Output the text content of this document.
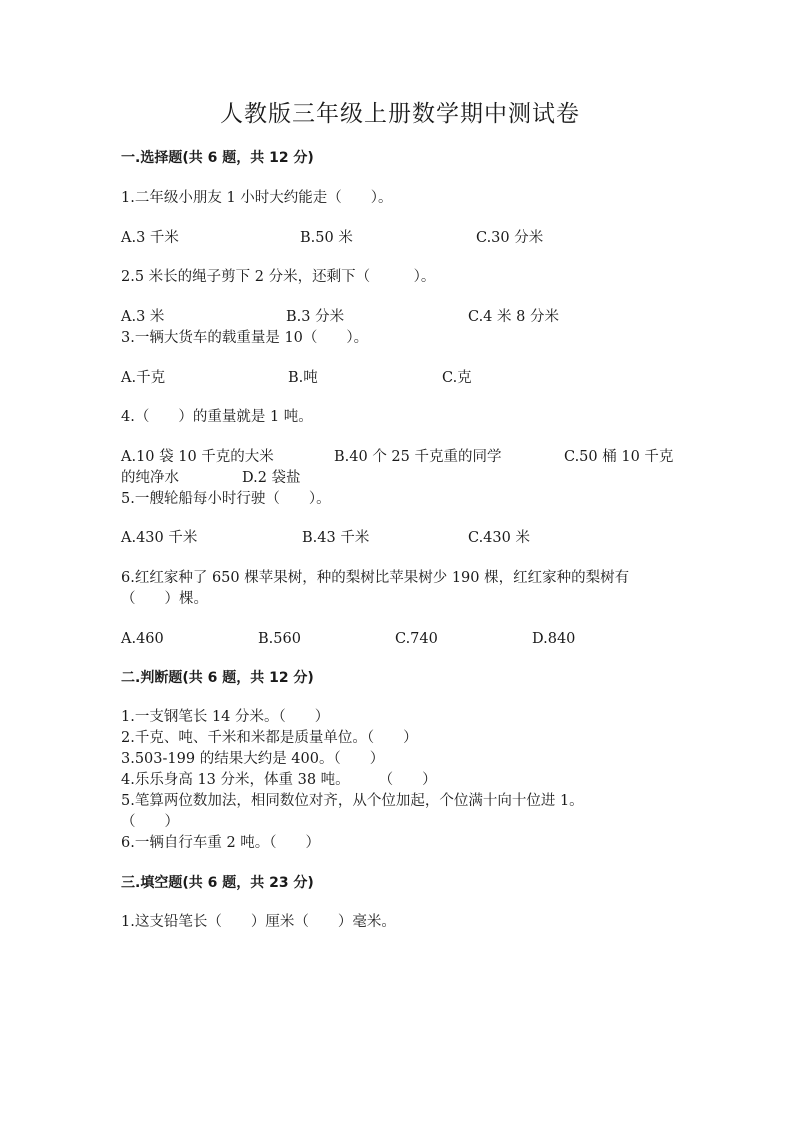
人教版三年级上册数学期中测试卷
一.选择题(共 6 题，共 12 分)
1.二年级小朋友 1 小时大约能走（　　）。
A.3 千米	B.50 米	C.30 分米
2.5 米长的绳子剪下 2 分米，还剩下（　　　）。
A.3 米	B.3 分米	C.4 米 8 分米
3.一辆大货车的载重量是 10（　　）。
A.千克	B.吨	C.克
4.（　　）的重量就是 1 吨。
A.10 袋 10 千克的大米	B.40 个 25 千克重的同学	C.50 桶 10 千克
的纯净水	D.2 袋盐
5.一艘轮船每小时行驶（　　）。
A.430 千米	B.43 千米	C.430 米
6.红红家种了 650 棵苹果树，种的梨树比苹果树少 190 棵，红红家种的梨树有
（　　）棵。
A.460	B.560	C.740	D.840
二.判断题(共 6 题，共 12 分)
1.一支钢笔长 14 分米。（　　）
2.千克、吨、千米和米都是质量单位。（　　）
3.503-199 的结果大约是 400。（　　）
4.乐乐身高 13 分米，体重 38 吨。　　　（　　）
5.笔算两位数加法，相同数位对齐，从个位加起，个位满十向十位进 1。
（　　）
6.一辆自行车重 2 吨。（　　）
三.填空题(共 6 题，共 23 分)
1.这支铅笔长（　　）厘米（　　）毫米。
